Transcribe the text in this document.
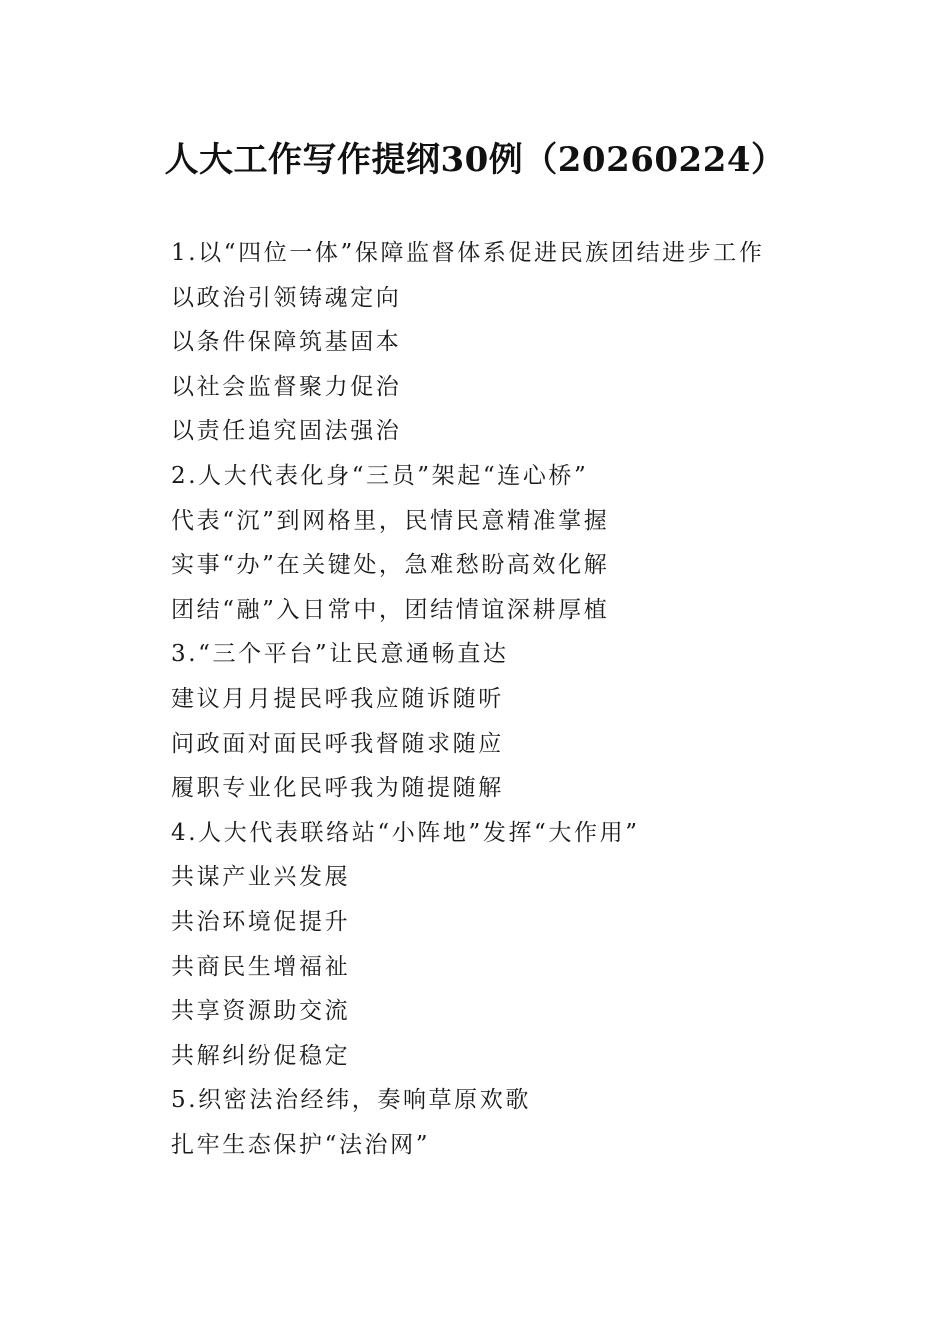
人大工作写作提纲30例（20260224）
1.以“四位一体”保障监督体系促进民族团结进步工作
以政治引领铸魂定向
以条件保障筑基固本
以社会监督聚力促治
以责任追究固法强治
2.人大代表化身“三员”架起“连心桥”
代表“沉”到网格里，民情民意精准掌握
实事“办”在关键处，急难愁盼高效化解
团结“融”入日常中，团结情谊深耕厚植
3.“三个平台”让民意通畅直达
建议月月提民呼我应随诉随听
问政面对面民呼我督随求随应
履职专业化民呼我为随提随解
4.人大代表联络站“小阵地”发挥“大作用”
共谋产业兴发展
共治环境促提升
共商民生增福祉
共享资源助交流
共解纠纷促稳定
5.织密法治经纬，奏响草原欢歌
扎牢生态保护“法治网”
